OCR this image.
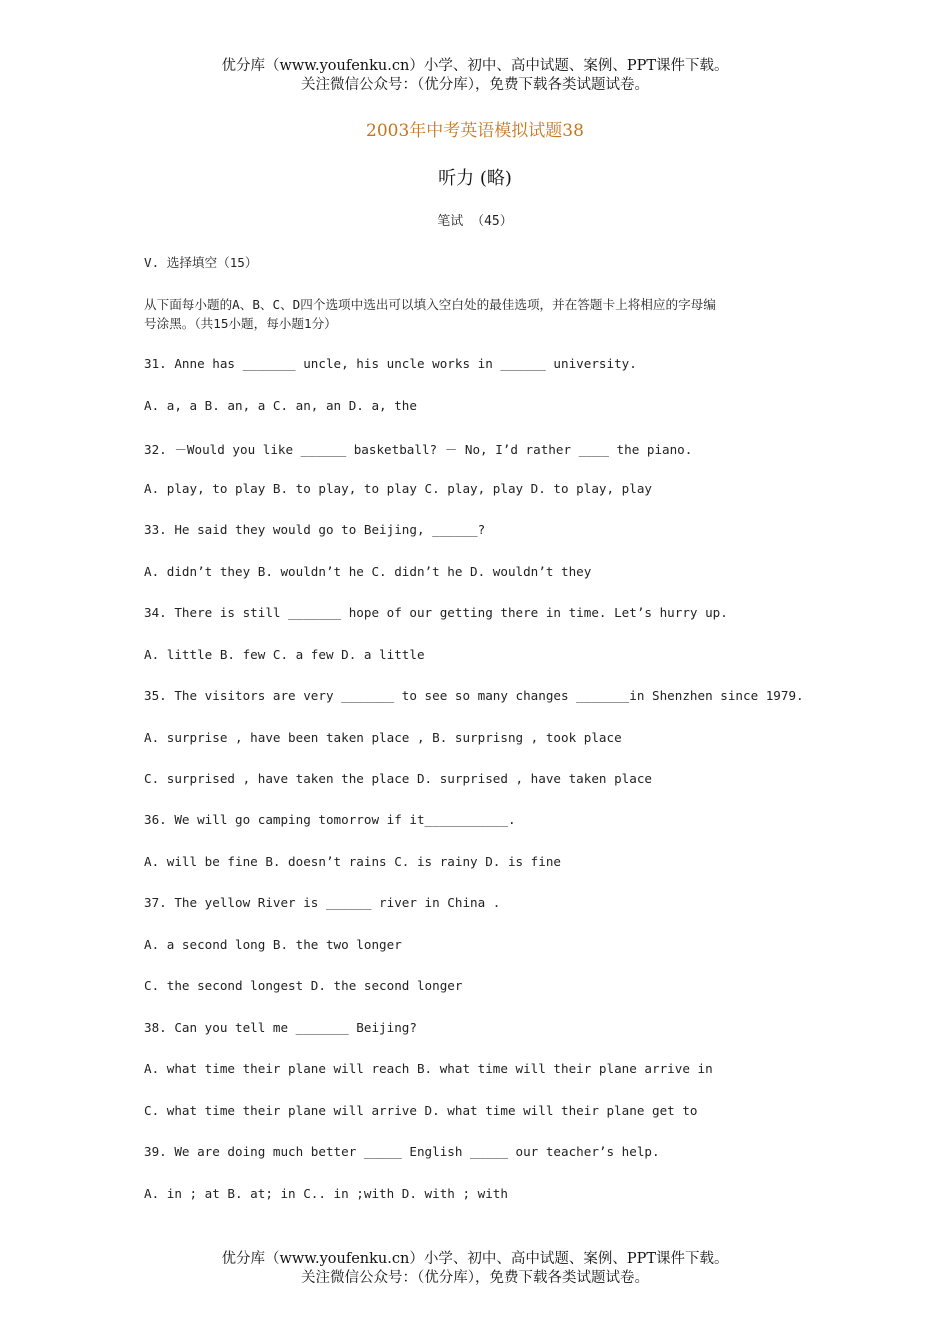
优分库（www.youfenku.cn）小学、初中、高中试题、案例、PPT课件下载。
关注微信公众号：（优分库），免费下载各类试题试卷。
2003年中考英语模拟试题38
听力 (略)
笔试 （45）
V. 选择填空（15）
从下面每小题的A、B、C、D四个选项中选出可以填入空白处的最佳选项，并在答题卡上将相应的字母编
号涂黑。（共15小题，每小题1分）
31. Anne has _______ uncle, his uncle works in ______ university.
A. a, a B. an, a C. an, an D. a, the
32. －Would you like ______ basketball? － No, I’d rather ____ the piano.
A. play, to play B. to play, to play C. play, play D. to play, play
33. He said they would go to Beijing, ______?
A. didn’t they B. wouldn’t he C. didn’t he D. wouldn’t they
34. There is still _______ hope of our getting there in time. Let’s hurry up.
A. little B. few C. a few D. a little
35. The visitors are very _______ to see so many changes _______in Shenzhen since 1979.
A. surprise , have been taken place , B. surprisng , took place
C. surprised , have taken the place D. surprised , have taken place
36. We will go camping tomorrow if it___________.
A. will be fine B. doesn’t rains C. is rainy D. is fine
37. The yellow River is ______ river in China .
A. a second long B. the two longer
C. the second longest D. the second longer
38. Can you tell me _______ Beijing?
A. what time their plane will reach B. what time will their plane arrive in
C. what time their plane will arrive D. what time will their plane get to
39. We are doing much better _____ English _____ our teacher’s help.
A. in ; at B. at; in C.. in ;with D. with ; with
优分库（www.youfenku.cn）小学、初中、高中试题、案例、PPT课件下载。
关注微信公众号：（优分库），免费下载各类试题试卷。
